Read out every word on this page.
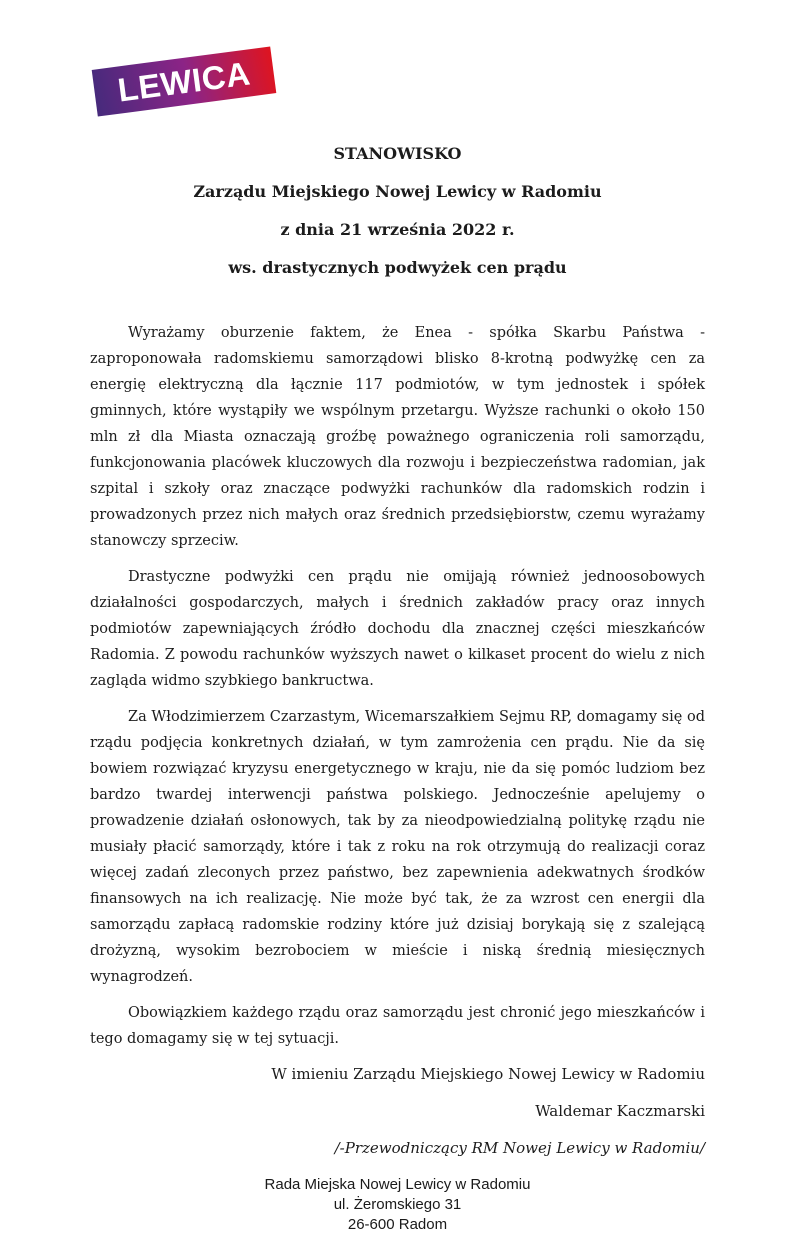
LEWICA

STANOWISKO

Zarządu Miejskiego Nowej Lewicy w Radomiu

z dnia 21 września 2022 r.

ws. drastycznych podwyżek cen prądu

Wyrażamy oburzenie faktem, że Enea - spółka Skarbu Państwa - zaproponowała radomskiemu samorządowi blisko 8-krotną podwyżkę cen za energię elektryczną dla łącznie 117 podmiotów, w tym jednostek i spółek gminnych, które wystąpiły we wspólnym przetargu. Wyższe rachunki o około 150 mln zł dla Miasta oznaczają groźbę poważnego ograniczenia roli samorządu, funkcjonowania placówek kluczowych dla rozwoju i bezpieczeństwa radomian, jak szpital i szkoły oraz znaczące podwyżki rachunków dla radomskich rodzin i prowadzonych przez nich małych oraz średnich przedsiębiorstw, czemu wyrażamy stanowczy sprzeciw.

Drastyczne podwyżki cen prądu nie omijają również jednoosobowych działalności gospodarczych, małych i średnich zakładów pracy oraz innych podmiotów zapewniających źródło dochodu dla znacznej części mieszkańców Radomia. Z powodu rachunków wyższych nawet o kilkaset procent do wielu z nich zagląda widmo szybkiego bankructwa.

Za Włodzimierzem Czarzastym, Wicemarszałkiem Sejmu RP, domagamy się od rządu podjęcia konkretnych działań, w tym zamrożenia cen prądu. Nie da się bowiem rozwiązać kryzysu energetycznego w kraju, nie da się pomóc ludziom bez bardzo twardej interwencji państwa polskiego. Jednocześnie apelujemy o prowadzenie działań osłonowych, tak by za nieodpowiedzialną politykę rządu nie musiały płacić samorządy, które i tak z roku na rok otrzymują do realizacji coraz więcej zadań zleconych przez państwo, bez zapewnienia adekwatnych środków finansowych na ich realizację. Nie może być tak, że za wzrost cen energii dla samorządu zapłacą radomskie rodziny które już dzisiaj borykają się z szalejącą drożyzną, wysokim bezrobociem w mieście i niską średnią miesięcznych wynagrodzeń.

Obowiązkiem każdego rządu oraz samorządu jest chronić jego mieszkańców i tego domagamy się w tej sytuacji.

W imieniu Zarządu Miejskiego Nowej Lewicy w Radomiu

Waldemar Kaczmarski

/-Przewodniczący RM Nowej Lewicy w Radomiu/

Rada Miejska Nowej Lewicy w Radomiu

ul. Żeromskiego 31

26-600 Radom
